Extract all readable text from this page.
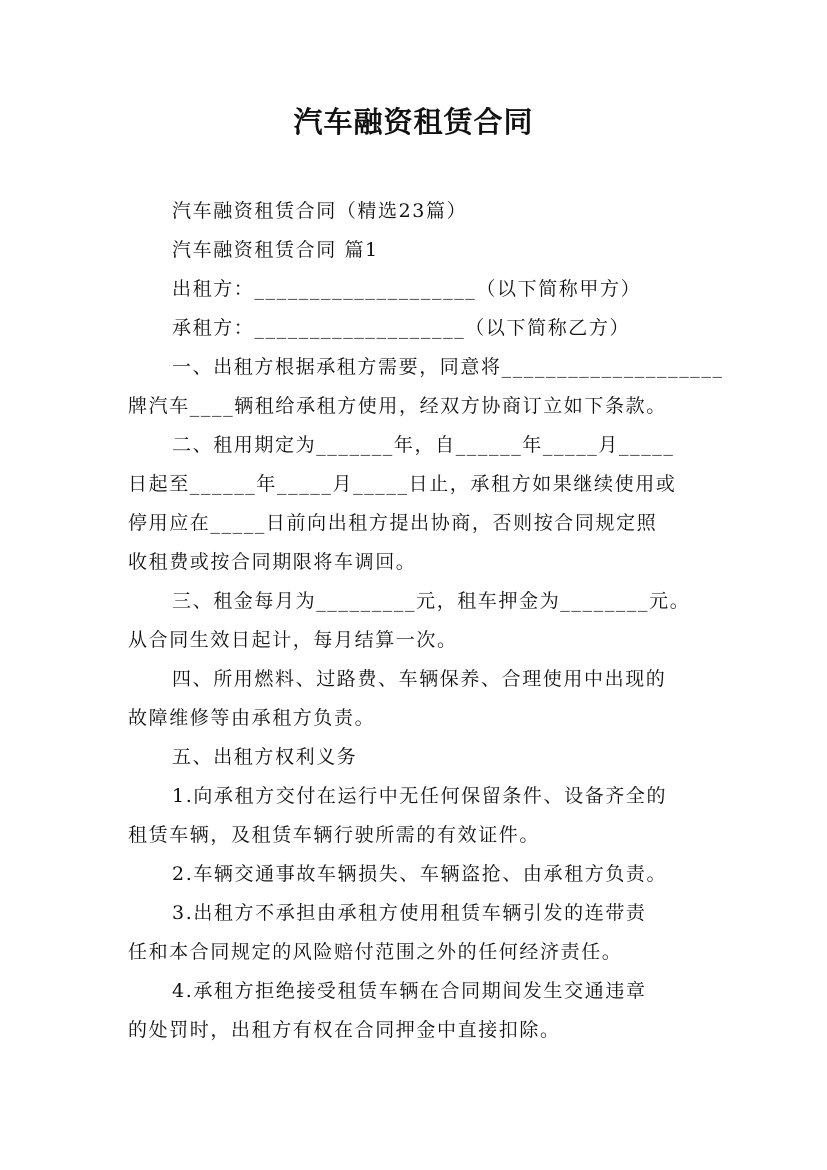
汽车融资租赁合同
汽车融资租赁合同（精选23篇）
汽车融资租赁合同 篇1
出租方：____________________（以下简称甲方）
承租方：___________________（以下简称乙方）
一、出租方根据承租方需要，同意将____________________
牌汽车____辆租给承租方使用，经双方协商订立如下条款。
二、租用期定为_______年，自______年_____月_____
日起至______年_____月_____日止，承租方如果继续使用或
停用应在_____日前向出租方提出协商，否则按合同规定照
收租费或按合同期限将车调回。
三、租金每月为_________元，租车押金为________元。
从合同生效日起计，每月结算一次。
四、所用燃料、过路费、车辆保养、合理使用中出现的
故障维修等由承租方负责。
五、出租方权利义务
1.向承租方交付在运行中无任何保留条件、设备齐全的
租赁车辆，及租赁车辆行驶所需的有效证件。
2.车辆交通事故车辆损失、车辆盗抢、由承租方负责。
3.出租方不承担由承租方使用租赁车辆引发的连带责
任和本合同规定的风险赔付范围之外的任何经济责任。
4.承租方拒绝接受租赁车辆在合同期间发生交通违章
的处罚时，出租方有权在合同押金中直接扣除。
